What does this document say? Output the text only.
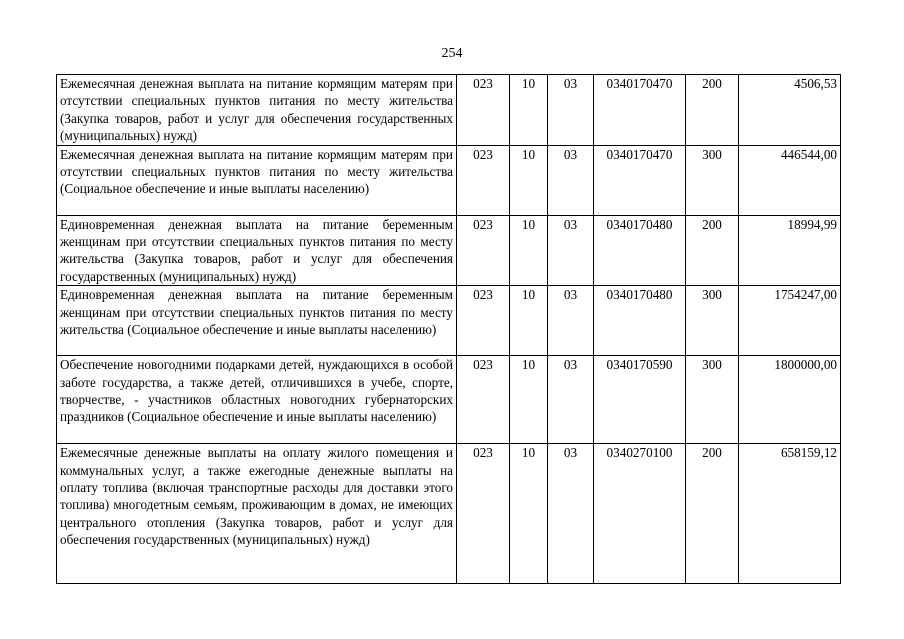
254
Ежемесячная денежная выплата на питание кормящим матерям при отсутствии специальных пунктов питания по месту жительства (Закупка товаров, работ и услуг для обеспечения государственных (муниципальных) нужд)	023	10	03	0340170470	200	4506,53
Ежемесячная денежная выплата на питание кормящим матерям при отсутствии специальных пунктов питания по месту жительства (Социальное обеспечение и иные выплаты населению)	023	10	03	0340170470	300	446544,00
Единовременная денежная выплата на питание беременным женщинам при отсутствии специальных пунктов питания по месту жительства (Закупка товаров, работ и услуг для обеспечения государственных (муниципальных) нужд)	023	10	03	0340170480	200	18994,99
Единовременная денежная выплата на питание беременным женщинам при отсутствии специальных пунктов питания по месту жительства (Социальное обеспечение и иные выплаты населению)	023	10	03	0340170480	300	1754247,00
Обеспечение новогодними подарками детей, нуждающихся в особой заботе государства, а также детей, отличившихся в учебе, спорте, творчестве, - участников областных новогодних губернаторских праздников (Социальное обеспечение и иные выплаты населению)	023	10	03	0340170590	300	1800000,00
Ежемесячные денежные выплаты на оплату жилого помещения и коммунальных услуг, а также ежегодные денежные выплаты на оплату топлива (включая транспортные расходы для доставки этого топлива) многодетным семьям, проживающим в домах, не имеющих центрального отопления (Закупка товаров, работ и услуг для обеспечения государственных (муниципальных) нужд)	023	10	03	0340270100	200	658159,12
